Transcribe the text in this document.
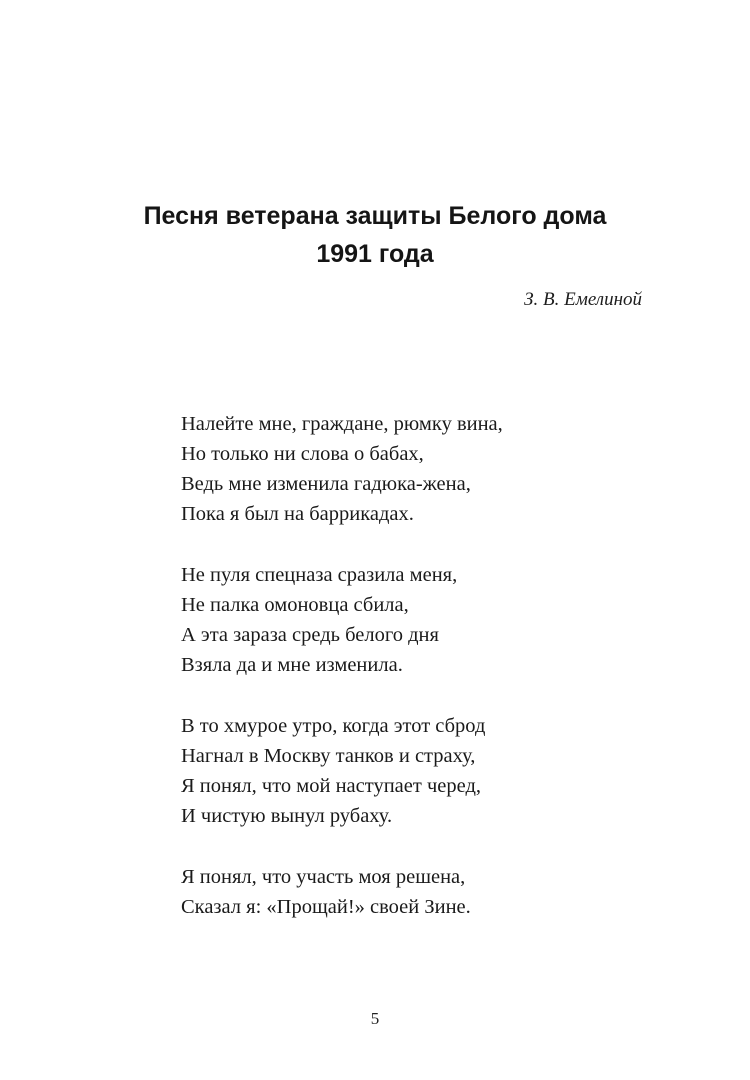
Песня ветерана защиты Белого дома
1991 года
З. В. Емелиной
Налейте мне, граждане, рюмку вина,
Но только ни слова о бабах,
Ведь мне изменила гадюка-жена,
Пока я был на баррикадах.
Не пуля спецназа сразила меня,
Не палка омоновца сбила,
А эта зараза средь белого дня
Взяла да и мне изменила.
В то хмурое утро, когда этот сброд
Нагнал в Москву танков и страху,
Я понял, что мой наступает черед,
И чистую вынул рубаху.
Я понял, что участь моя решена,
Сказал я: «Прощай!» своей Зине.
5
